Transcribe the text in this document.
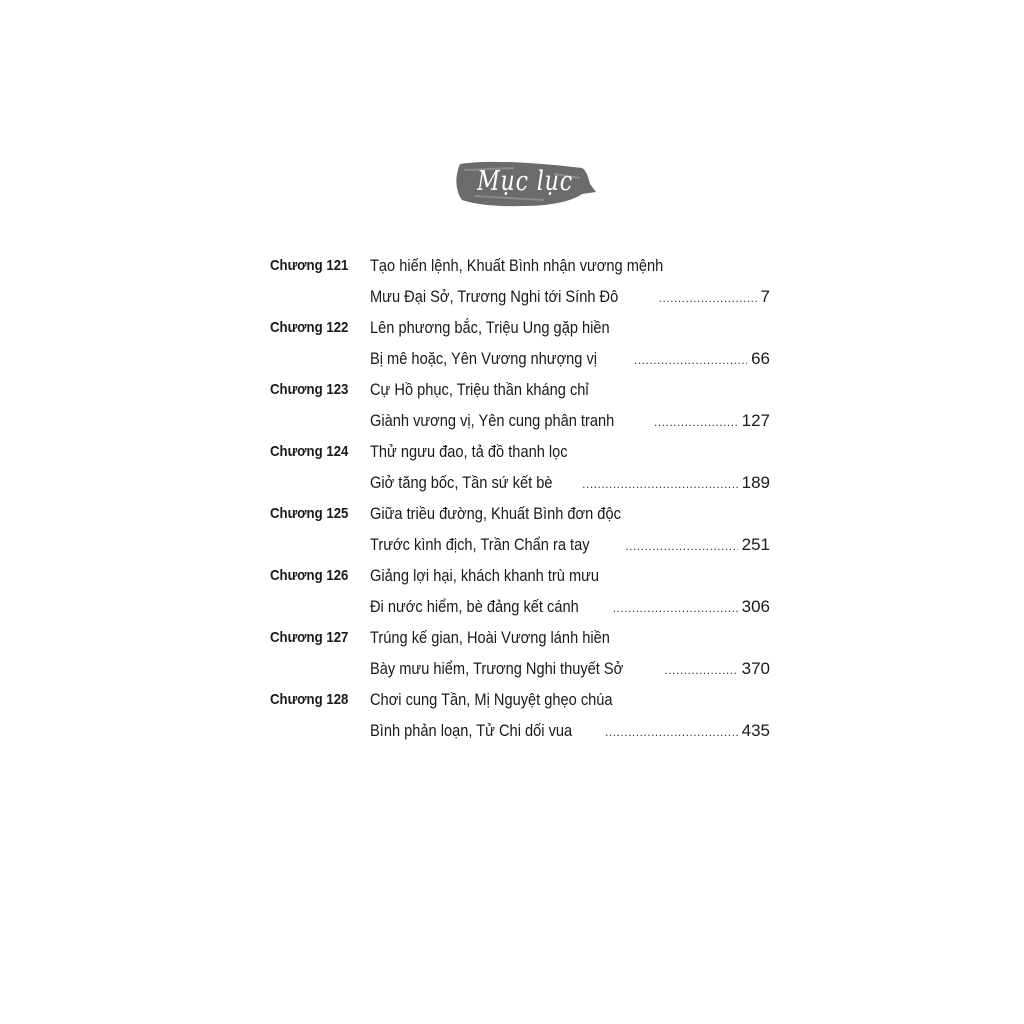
Mục lục
Chương 121 Tạo hiến lệnh, Khuất Bình nhận vương mệnh
Mưu Đại Sở, Trương Nghi tới Sính Đô .....	7
Chương 122 Lên phương bắc, Triệu Ung gặp hiền
Bị mê hoặc, Yên Vương nhượng vị .....	66
Chương 123 Cự Hồ phục, Triệu thần kháng chỉ
Giành vương vị, Yên cung phân tranh .....	127
Chương 124 Thử ngưu đao, tả đồ thanh lọc
Giở tăng bốc, Tần sứ kết bè .....	189
Chương 125 Giữa triều đường, Khuất Bình đơn độc
Trước kình địch, Trần Chẩn ra tay .....	251
Chương 126 Giảng lợi hại, khách khanh trù mưu
Đi nước hiểm, bè đảng kết cánh .....	306
Chương 127 Trúng kế gian, Hoài Vương lánh hiền
Bày mưu hiểm, Trương Nghi thuyết Sở .....	370
Chương 128 Chơi cung Tần, Mị Nguyệt ghẹo chúa
Bình phản loạn, Tử Chi dối vua .....	435
